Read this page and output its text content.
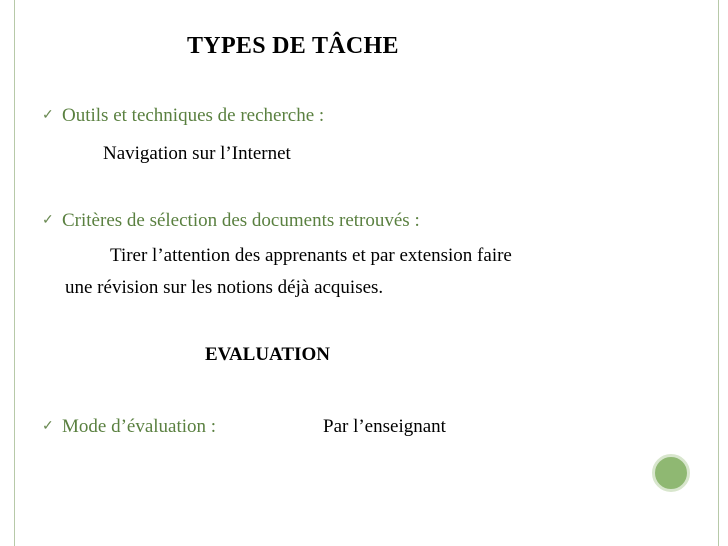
TYPES DE TÂCHE
✓ Outils et techniques de recherche :
Navigation sur l’Internet
✓ Critères de sélection des documents retrouvés :
Tirer l’attention des apprenants et par extension faire
une révision sur les notions déjà acquises.
EVALUATION
✓ Mode d’évaluation :	Par l’enseignant
